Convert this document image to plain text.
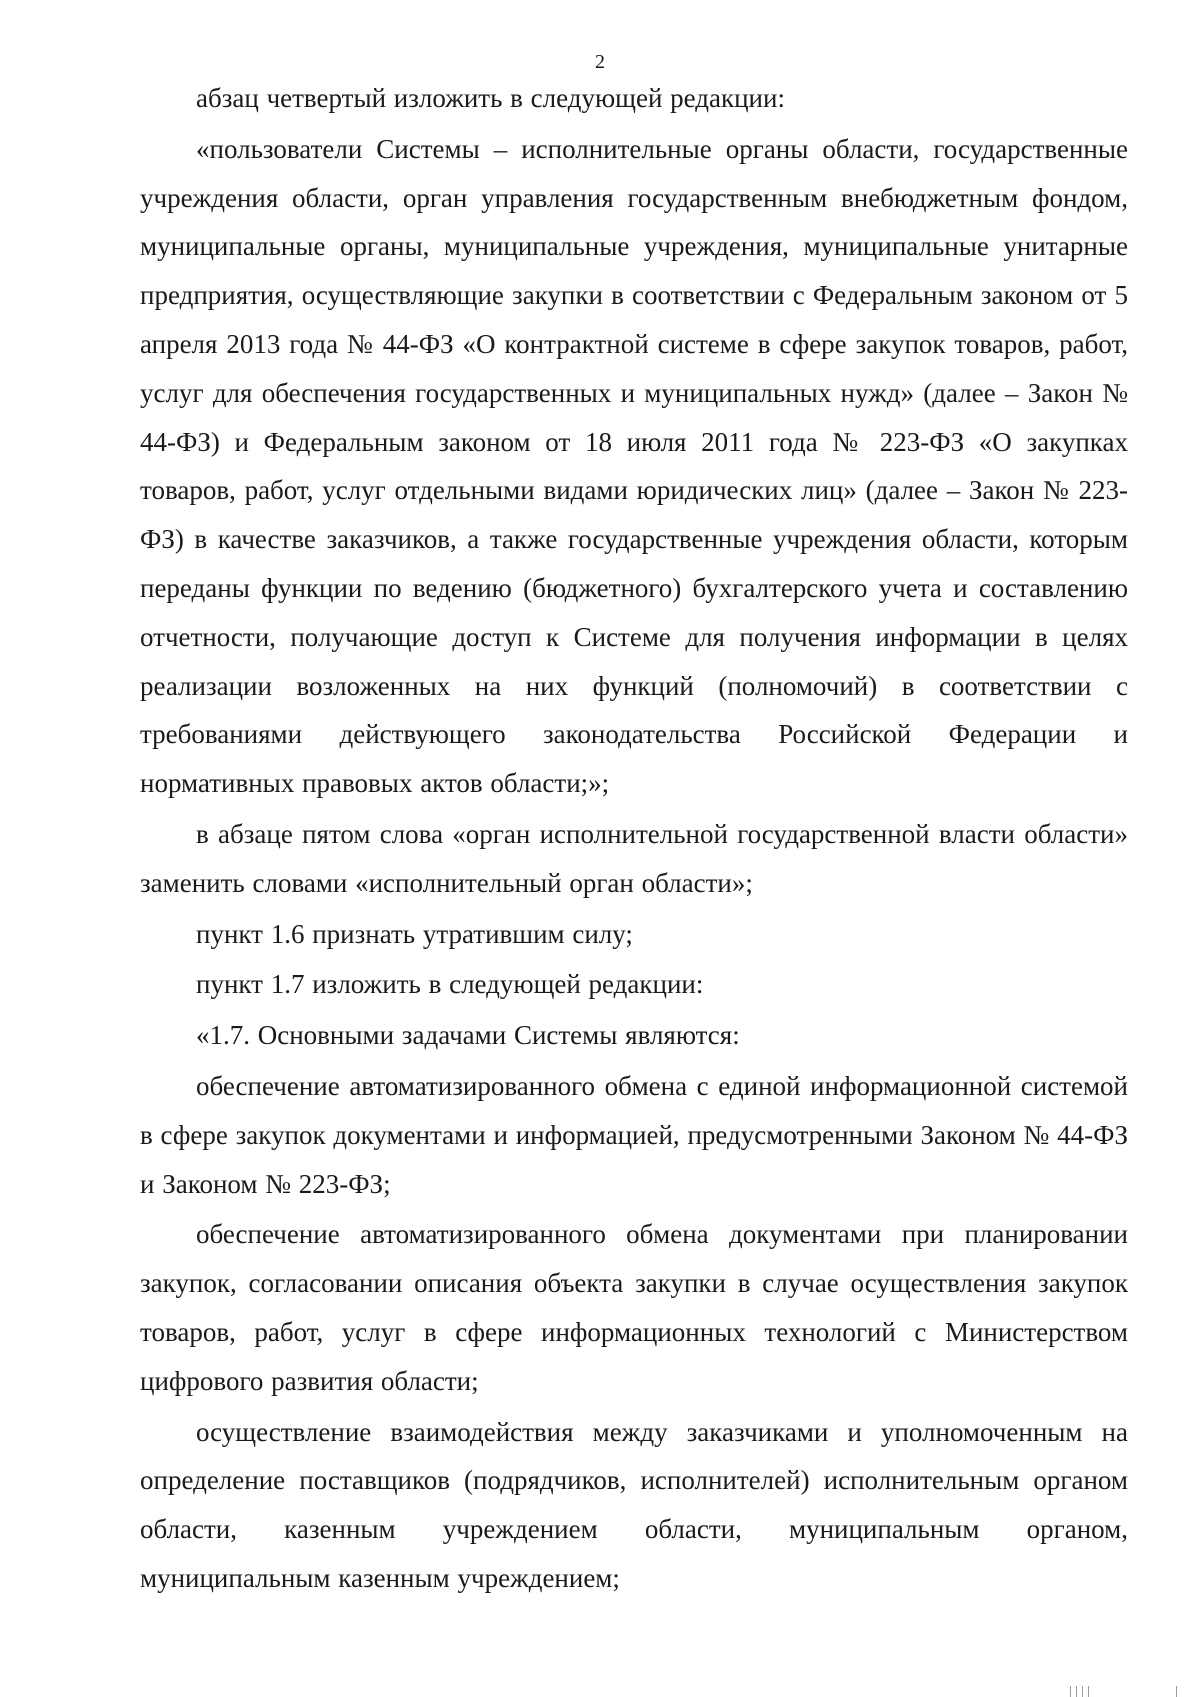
2

абзац четвертый изложить в следующей редакции:

«пользователи Системы – исполнительные органы области, государственные учреждения области, орган управления государственным внебюджетным фондом, муниципальные органы, муниципальные учреждения, муниципальные унитарные предприятия, осуществляющие закупки в соответствии с Федеральным законом от 5 апреля 2013 года № 44-ФЗ «О контрактной системе в сфере закупок товаров, работ, услуг для обеспечения государственных и муниципальных нужд» (далее – Закон № 44-ФЗ) и Федеральным законом от 18 июля 2011 года № 223-ФЗ «О закупках товаров, работ, услуг отдельными видами юридических лиц» (далее – Закон № 223-ФЗ) в качестве заказчиков, а также государственные учреждения области, которым переданы функции по ведению (бюджетного) бухгалтерского учета и составлению отчетности, получающие доступ к Системе для получения информации в целях реализации возложенных на них функций (полномочий) в соответствии с требованиями действующего законодательства Российской Федерации и нормативных правовых актов области;»;

в абзаце пятом слова «орган исполнительной государственной власти области» заменить словами «исполнительный орган области»;

пункт 1.6 признать утратившим силу;

пункт 1.7 изложить в следующей редакции:

«1.7. Основными задачами Системы являются:

обеспечение автоматизированного обмена с единой информационной системой в сфере закупок документами и информацией, предусмотренными Законом № 44-ФЗ и Законом № 223-ФЗ;

обеспечение автоматизированного обмена документами при планировании закупок, согласовании описания объекта закупки в случае осуществления закупок товаров, работ, услуг в сфере информационных технологий с Министерством цифрового развития области;

осуществление взаимодействия между заказчиками и уполномоченным на определение поставщиков (подрядчиков, исполнителей) исполнительным органом области, казенным учреждением области, муниципальным органом, муниципальным казенным учреждением;
